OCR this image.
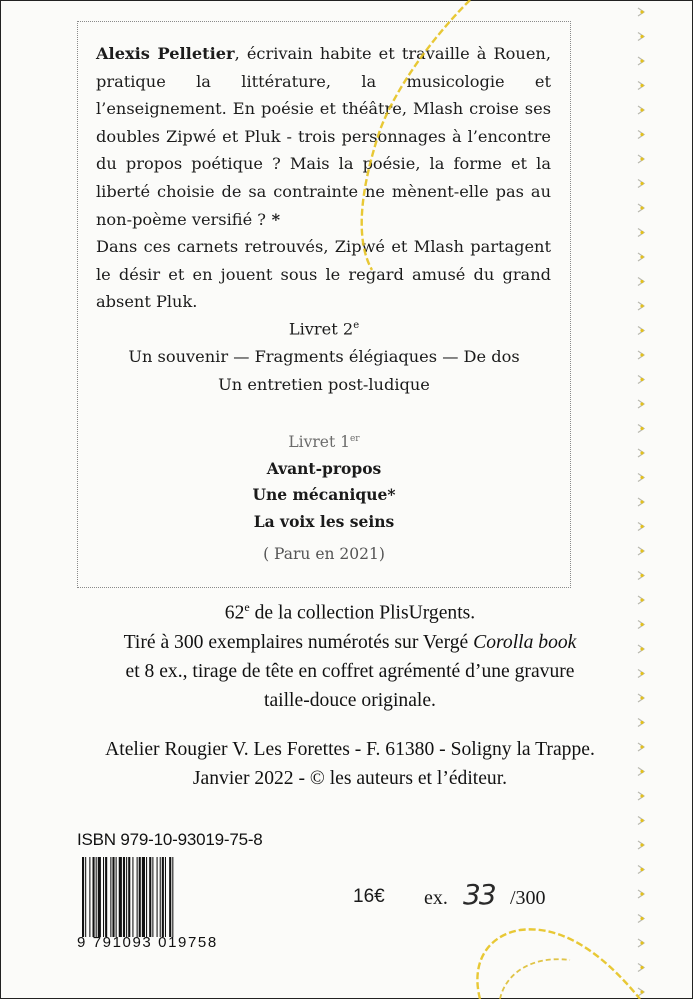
Alexis Pelletier, écrivain habite et travaille à Rouen, pratique la littérature, la musicologie et l’enseignement. En poésie et théâtre, Mlash croise ses doubles Zipwé et Pluk - trois personnages à l’encontre du propos poétique ? Mais la poésie, la forme et la liberté choisie de sa contrainte ne mènent-elle pas au non-poème versifié ? *
Dans ces carnets retrouvés, Zipwé et Mlash partagent le désir et en jouent sous le regard amusé du grand absent Pluk.
Livret 2e
Un souvenir — Fragments élégiaques — De dos
Un entretien post-ludique
Livret 1er
Avant-propos
Une mécanique*
La voix les seins
( Paru en 2021)
62e de la collection PlisUrgents.
Tiré à 300 exemplaires numérotés sur Vergé Corolla book
et 8 ex., tirage de tête en coffret agrémenté d’une gravure
taille-douce originale.
Atelier Rougier V. Les Forettes - F. 61380 - Soligny la Trappe.
Janvier 2022 - © les auteurs et l’éditeur.
ISBN 979-10-93019-75-8
9 791093 019758
16€ ex. 33 /300
